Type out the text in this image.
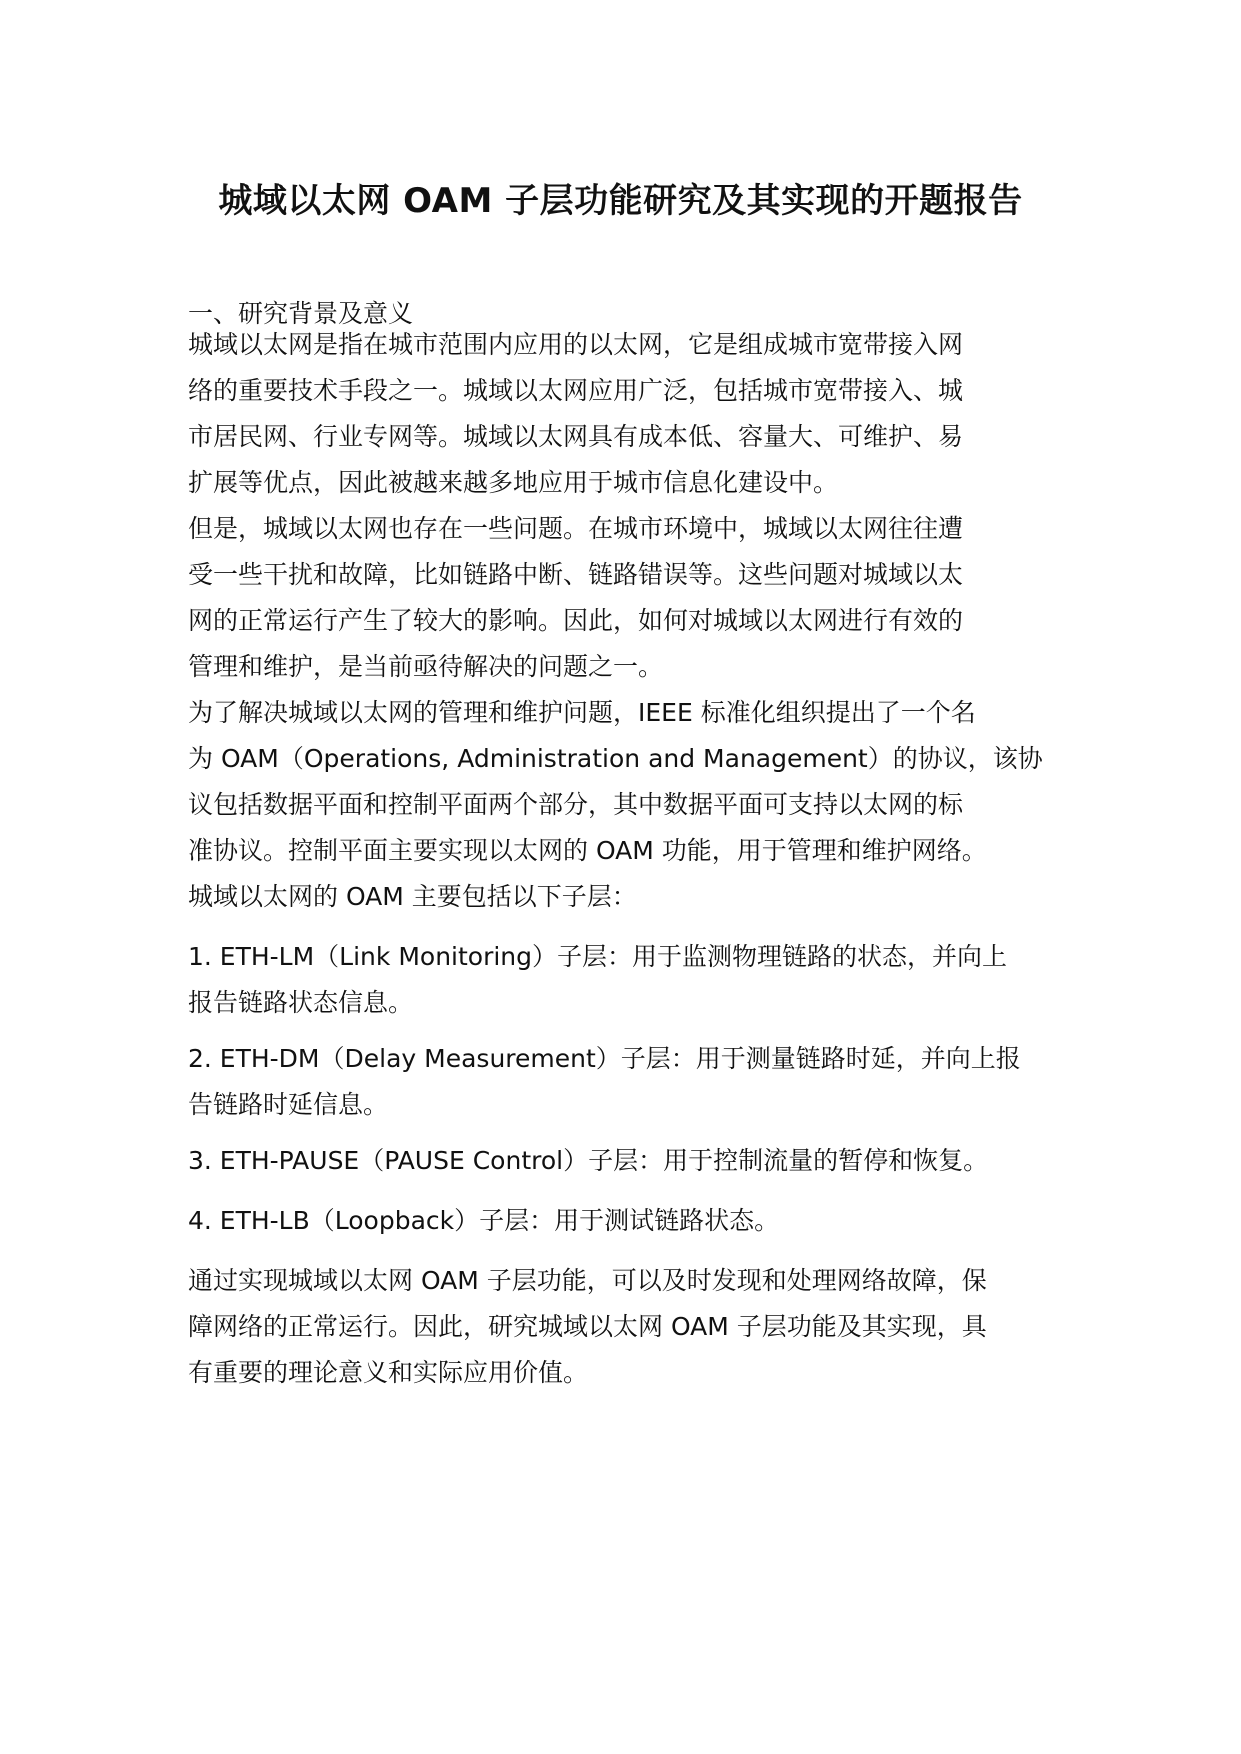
城域以太网 OAM 子层功能研究及其实现的开题报告
一、研究背景及意义

城域以太网是指在城市范围内应用的以太网，它是组成城市宽带接入网
络的重要技术手段之一。城域以太网应用广泛，包括城市宽带接入、城
市居民网、行业专网等。城域以太网具有成本低、容量大、可维护、易
扩展等优点，因此被越来越多地应用于城市信息化建设中。

但是，城域以太网也存在一些问题。在城市环境中，城域以太网往往遭
受一些干扰和故障，比如链路中断、链路错误等。这些问题对城域以太
网的正常运行产生了较大的影响。因此，如何对城域以太网进行有效的
管理和维护，是当前亟待解决的问题之一。

为了解决城域以太网的管理和维护问题，IEEE 标准化组织提出了一个名
为 OAM（Operations, Administration and Management）的协议，该协
议包括数据平面和控制平面两个部分，其中数据平面可支持以太网的标
准协议。控制平面主要实现以太网的 OAM 功能，用于管理和维护网络。

城域以太网的 OAM 主要包括以下子层：

1. ETH-LM（Link Monitoring）子层：用于监测物理链路的状态，并向上
报告链路状态信息。

2. ETH-DM（Delay Measurement）子层：用于测量链路时延，并向上报
告链路时延信息。

3. ETH-PAUSE（PAUSE Control）子层：用于控制流量的暂停和恢复。

4. ETH-LB（Loopback）子层：用于测试链路状态。

通过实现城域以太网 OAM 子层功能，可以及时发现和处理网络故障，保
障网络的正常运行。因此，研究城域以太网 OAM 子层功能及其实现，具
有重要的理论意义和实际应用价值。
